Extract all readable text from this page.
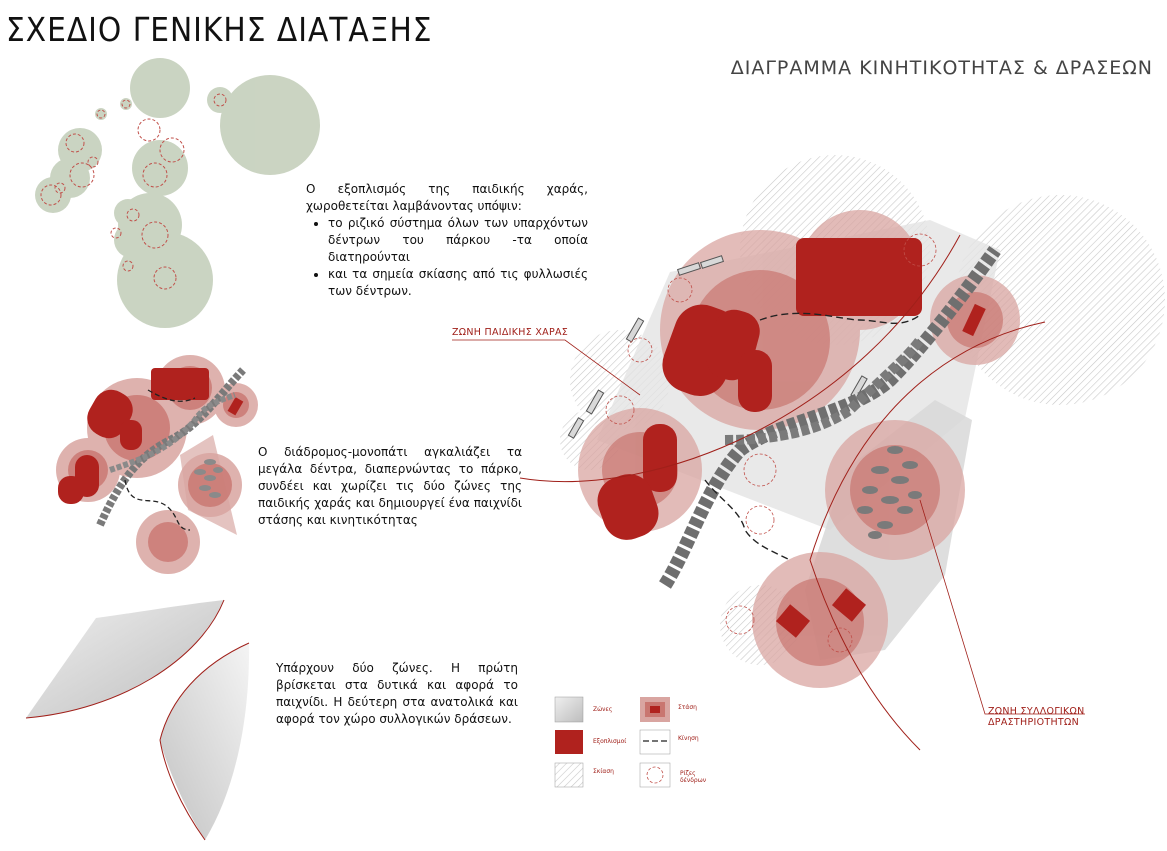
ΣΧΕΔΙΟ ΓΕΝΙΚΗΣ ΔΙΑΤΑΞΗΣ
ΔΙΑΓΡΑΜΜΑ ΚΙΝΗΤΙΚΟΤΗΤΑΣ & ΔΡΑΣΕΩΝ
Ο εξοπλισμός της παιδικής χαράς, χωροθετείται λαμβάνοντας υπόψιν:
• το ριζικό σύστημα όλων των υπαρχόντων δέντρων του πάρκου -τα οποία διατηρούνται
• και τα σημεία σκίασης από τις φυλλωσιές των δέντρων.
Ο διάδρομος-μονοπάτι αγκαλιάζει τα μεγάλα δέντρα, διαπερνώντας το πάρκο, συνδέει και χωρίζει τις δύο ζώνες της παιδικής χαράς και δημιουργεί ένα παιχνίδι στάσης και κινητικότητας
Υπάρχουν δύο ζώνες. Η πρώτη βρίσκεται στα δυτικά και αφορά το παιχνίδι. Η δεύτερη στα ανατολικά και αφορά τον χώρο συλλογικών δράσεων.
ΖΩΝΗ ΠΑΙΔΙΚΗΣ ΧΑΡΑΣ
ΖΩΝΗ ΣΥΛΛΟΓΙΚΩΝ
ΔΡΑΣΤΗΡΙΟΤΗΤΩΝ
Ζώνες	Στάση
Εξοπλισμοί	Κίνηση
Σκίαση	Ρίζες δένδρων
